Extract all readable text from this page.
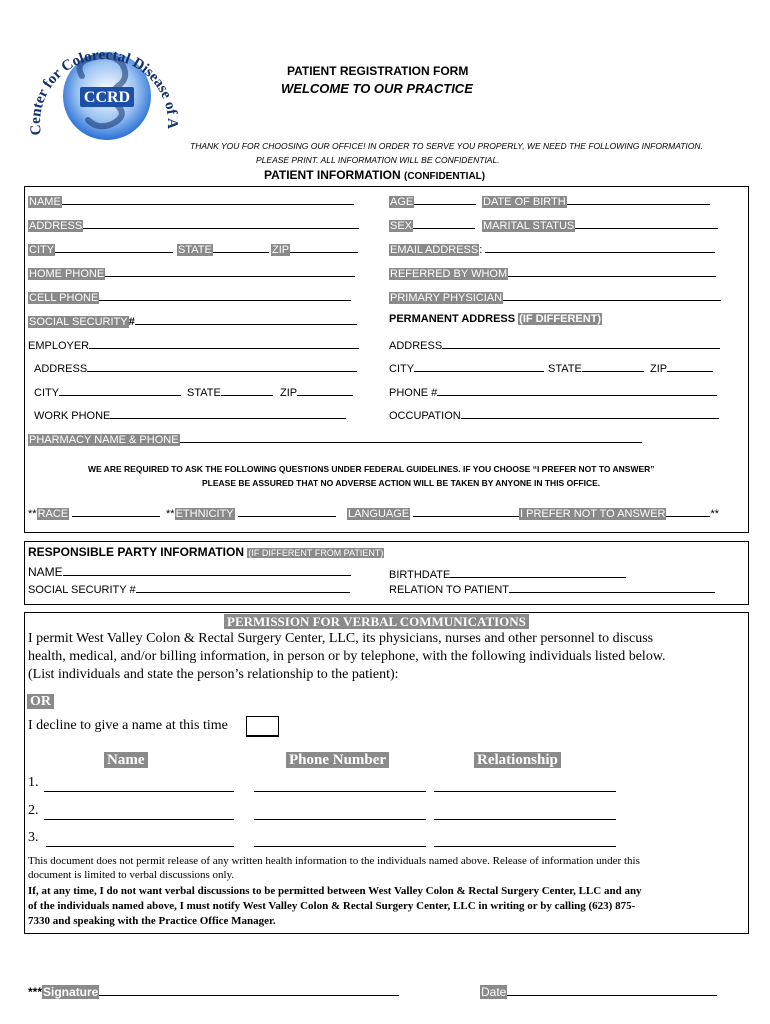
CCRD
Center for Colorectal Disease of A
PATIENT REGISTRATION FORM
WELCOME TO OUR PRACTICE
THANK YOU FOR CHOOSING OUR OFFICE! IN ORDER TO SERVE YOU PROPERLY, WE NEED THE FOLLOWING INFORMATION.
PLEASE PRINT. ALL INFORMATION WILL BE CONFIDENTIAL.
PATIENT INFORMATION (CONFIDENTIAL)
NAME	AGE	DATE OF BIRTH
ADDRESS	SEX	MARITAL STATUS
CITY	STATE	ZIP	EMAIL ADDRESS:
HOME PHONE	REFERRED BY WHOM
CELL PHONE	PRIMARY PHYSICIAN
SOCIAL SECURITY#	PERMANENT ADDRESS (IF DIFFERENT)
EMPLOYER	ADDRESS
ADDRESS	CITY	STATE	ZIP
CITY	STATE	ZIP	PHONE #
WORK PHONE	OCCUPATION
PHARMACY NAME & PHONE
WE ARE REQUIRED TO ASK THE FOLLOWING QUESTIONS UNDER FEDERAL GUIDELINES. IF YOU CHOOSE “I PREFER NOT TO ANSWER”
PLEASE BE ASSURED THAT NO ADVERSE ACTION WILL BE TAKEN BY ANYONE IN THIS OFFICE.
**RACE	**ETHNICITY	LANGUAGE	I PREFER NOT TO ANSWER	**
RESPONSIBLE PARTY INFORMATION (IF DIFFERENT FROM PATIENT)
NAME	BIRTHDATE
SOCIAL SECURITY #	RELATION TO PATIENT
PERMISSION FOR VERBAL COMMUNICATIONS
I permit West Valley Colon & Rectal Surgery Center, LLC, its physicians, nurses and other personnel to discuss
health, medical, and/or billing information, in person or by telephone, with the following individuals listed below.
(List individuals and state the person’s relationship to the patient):
OR
I decline to give a name at this time
Name	Phone Number	Relationship
1.
2.
3.
This document does not permit release of any written health information to the individuals named above. Release of information under this
document is limited to verbal discussions only.
If, at any time, I do not want verbal discussions to be permitted between West Valley Colon & Rectal Surgery Center, LLC and any
of the individuals named above, I must notify West Valley Colon & Rectal Surgery Center, LLC in writing or by calling (623) 875-
7330 and speaking with the Practice Office Manager.
***Signature	Date
